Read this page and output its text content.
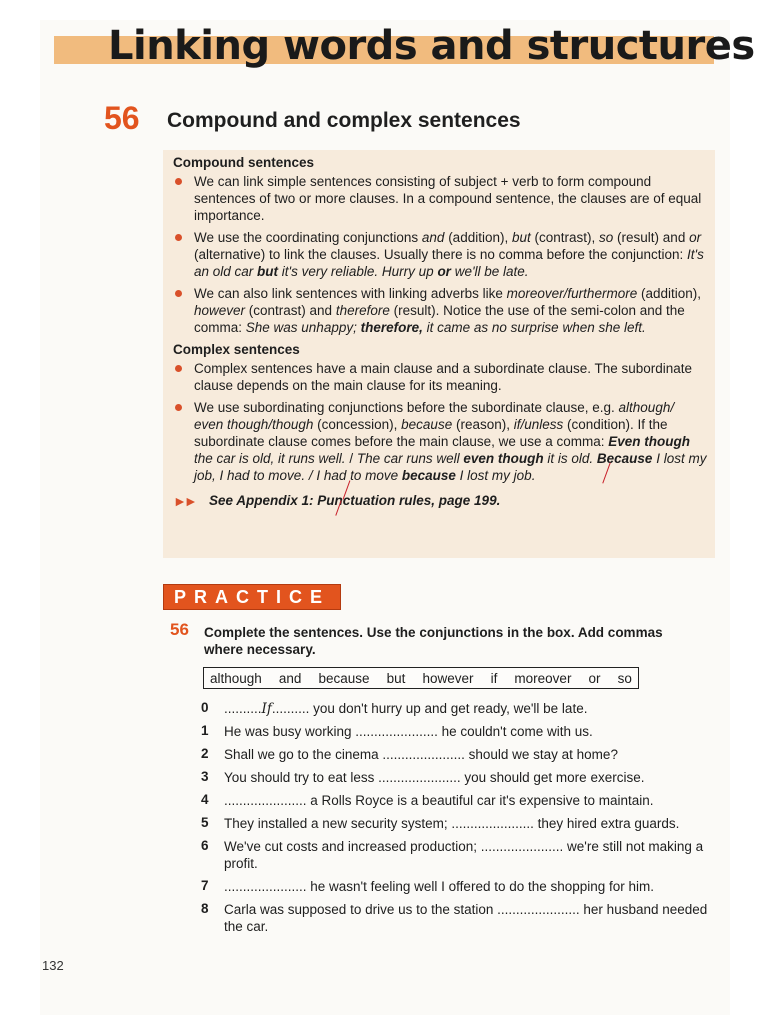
Linking words and structures
56 Compound and complex sentences

Compound sentences

We can link simple sentences consisting of subject + verb to form compound sentences of two or more clauses. In a compound sentence, the clauses are of equal importance.
We use the coordinating conjunctions and (addition), but (contrast), so (result) and or (alternative) to link the clauses. Usually there is no comma before the conjunction: It's an old car but it's very reliable. Hurry up or we'll be late.
We can also link sentences with linking adverbs like moreover/furthermore (addition), however (contrast) and therefore (result). Notice the use of the semi-colon and the comma: She was unhappy; therefore, it came as no surprise when she left.

Complex sentences

Complex sentences have a main clause and a subordinate clause. The subordinate clause depends on the main clause for its meaning.
We use subordinating conjunctions before the subordinate clause, e.g. although/ even though/though (concession), because (reason), if/unless (condition). If the subordinate clause comes before the main clause, we use a comma: Even though the car is old, it runs well. / The car runs well even though it is old. Because I lost my job, I had to move. / I had to move because I lost my job.
►► See Appendix 1: Punctuation rules, page 199.
PRACTICE
56 Complete the sentences. Use the conjunctions in the box. Add commas where necessary.
although and because but however if moreover or so
0	..........If.......... you don't hurry up and get ready, we'll be late.
1	He was busy working ...................... he couldn't come with us.
2	Shall we go to the cinema ...................... should we stay at home?
3	You should try to eat less ...................... you should get more exercise.
4	...................... a Rolls Royce is a beautiful car it's expensive to maintain.
5	They installed a new security system; ...................... they hired extra guards.
6	We've cut costs and increased production; ...................... we're still not making a profit.
7	...................... he wasn't feeling well I offered to do the shopping for him.
8	Carla was supposed to drive us to the station ...................... her husband needed the car.
132
